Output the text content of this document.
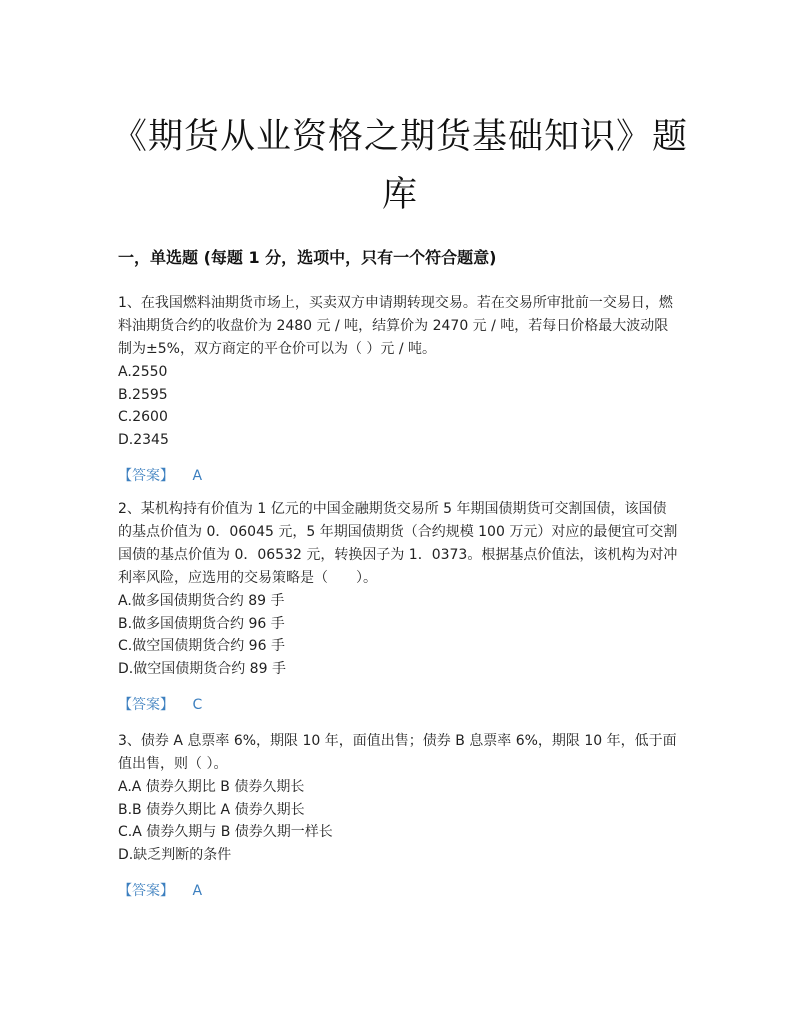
《期货从业资格之期货基础知识》题库
一，单选题 (每题 1 分，选项中，只有一个符合题意)

1、在我国燃料油期货市场上，买卖双方申请期转现交易。若在交易所审批前一交易日，燃料油期货合约的收盘价为 2480 元 / 吨，结算价为 2470 元 / 吨，若每日价格最大波动限制为±5%，双方商定的平仓价可以为（ ）元 / 吨。

A.2550

B.2595

C.2600

D.2345

【答案】 A

2、某机构持有价值为 1 亿元的中国金融期货交易所 5 年期国债期货可交割国债，该国债的基点价值为 0．06045 元，5 年期国债期货（合约规模 100 万元）对应的最便宜可交割国债的基点价值为 0．06532 元，转换因子为 1．0373。根据基点价值法，该机构为对冲利率风险，应选用的交易策略是（　　）。

A.做多国债期货合约 89 手

B.做多国债期货合约 96 手

C.做空国债期货合约 96 手

D.做空国债期货合约 89 手

【答案】 C

3、债券 A 息票率 6%，期限 10 年，面值出售；债券 B 息票率 6%，期限 10 年，低于面值出售，则（ ）。

A.A 债券久期比 B 债券久期长

B.B 债券久期比 A 债券久期长

C.A 债券久期与 B 债券久期一样长

D.缺乏判断的条件

【答案】 A
